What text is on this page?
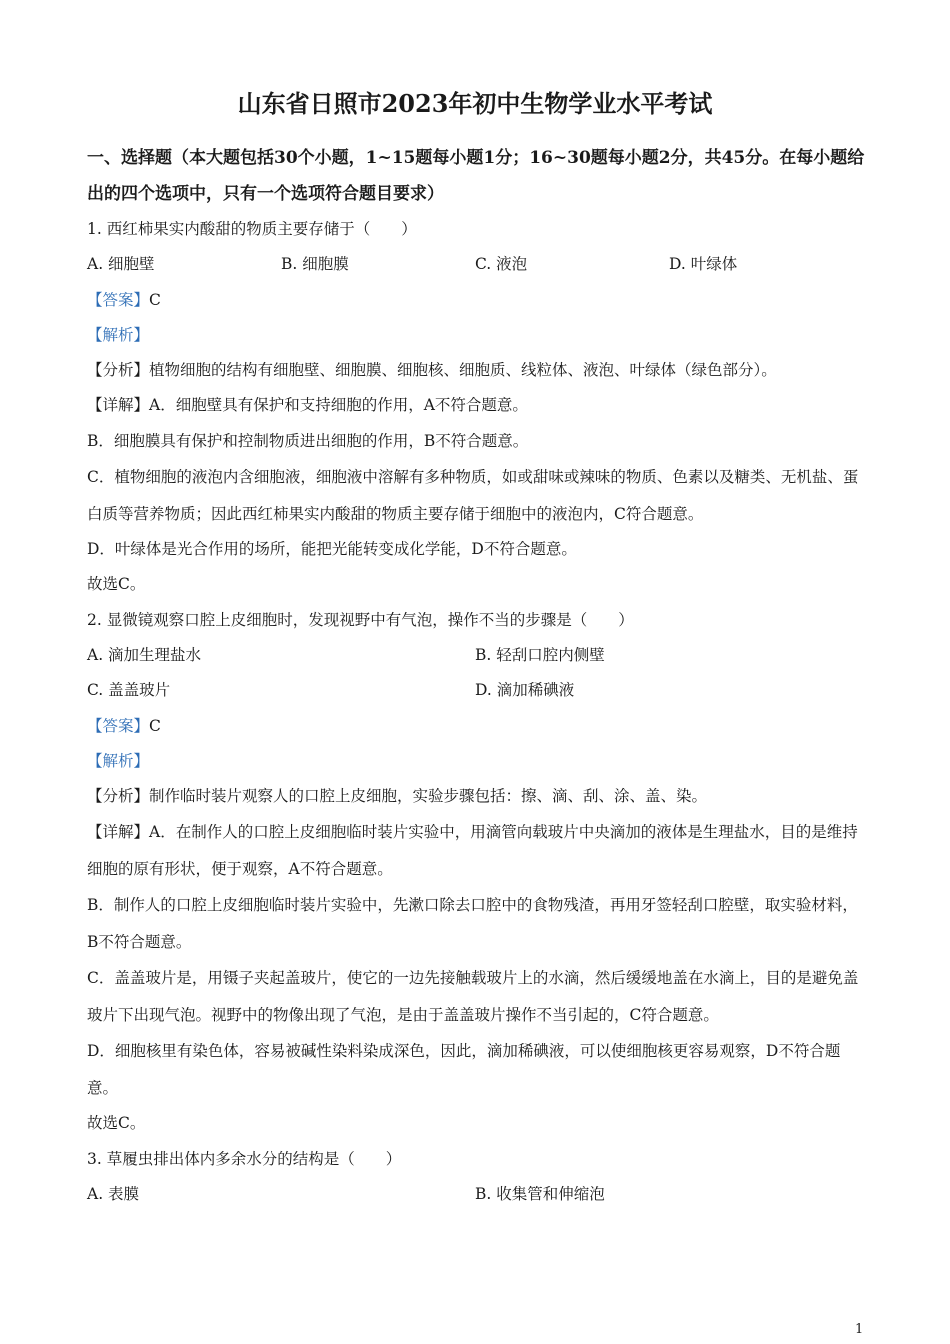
山东省日照市2023年初中生物学业水平考试
一、选择题（本大题包括30个小题，1~15题每小题1分；16~30题每小题2分，共45分。在每小题给出的四个选项中，只有一个选项符合题目要求）
1. 西红柿果实内酸甜的物质主要存储于（　　）
A. 细胞壁	B. 细胞膜	C. 液泡	D. 叶绿体
【答案】C
【解析】
【分析】植物细胞的结构有细胞壁、细胞膜、细胞核、细胞质、线粒体、液泡、叶绿体（绿色部分）。
【详解】A．细胞壁具有保护和支持细胞的作用，A不符合题意。
B．细胞膜具有保护和控制物质进出细胞的作用，B不符合题意。
C．植物细胞的液泡内含细胞液，细胞液中溶解有多种物质，如或甜味或辣味的物质、色素以及糖类、无机盐、蛋白质等营养物质；因此西红柿果实内酸甜的物质主要存储于细胞中的液泡内，C符合题意。
D．叶绿体是光合作用的场所，能把光能转变成化学能，D不符合题意。
故选C。
2. 显微镜观察口腔上皮细胞时，发现视野中有气泡，操作不当的步骤是（　　）
A. 滴加生理盐水	B. 轻刮口腔内侧壁
C. 盖盖玻片	D. 滴加稀碘液
【答案】C
【解析】
【分析】制作临时装片观察人的口腔上皮细胞，实验步骤包括：擦、滴、刮、涂、盖、染。
【详解】A．在制作人的口腔上皮细胞临时装片实验中，用滴管向载玻片中央滴加的液体是生理盐水，目的是维持细胞的原有形状，便于观察，A不符合题意。
B．制作人的口腔上皮细胞临时装片实验中，先漱口除去口腔中的食物残渣，再用牙签轻刮口腔壁，取实验材料，B不符合题意。
C．盖盖玻片是，用镊子夹起盖玻片，使它的一边先接触载玻片上的水滴，然后缓缓地盖在水滴上，目的是避免盖玻片下出现气泡。视野中的物像出现了气泡，是由于盖盖玻片操作不当引起的，C符合题意。
D．细胞核里有染色体，容易被碱性染料染成深色，因此，滴加稀碘液，可以使细胞核更容易观察，D不符合题意。
故选C。
3. 草履虫排出体内多余水分的结构是（　　）
A. 表膜	B. 收集管和伸缩泡
1
